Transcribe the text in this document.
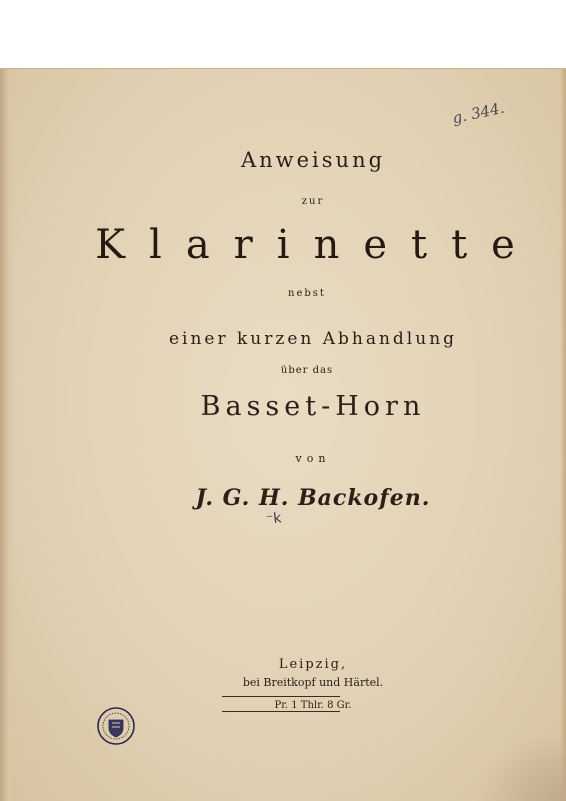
g. 344.
Anweisung
zur
Klarinette
nebst
einer kurzen Abhandlung
über das
Basset-Horn
von
J. G. H. Backofen.
⁻k
Leipzig,
bei Breitkopf und Härtel.
Pr. 1 Thlr. 8 Gr.
